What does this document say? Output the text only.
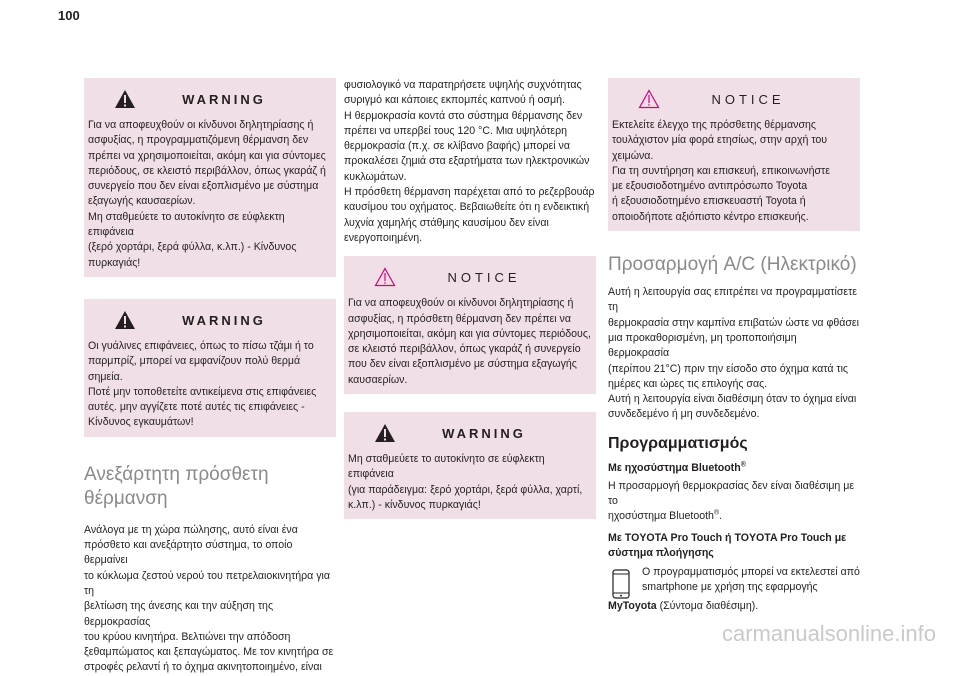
100
WARNING
Για να αποφευχθούν οι κίνδυνοι δηλητηρίασης ή
ασφυξίας, η προγραμματιζόμενη θέρμανση δεν
πρέπει να χρησιμοποιείται, ακόμη και για σύντομες
περιόδους, σε κλειστό περιβάλλον, όπως γκαράζ ή
συνεργείο που δεν είναι εξοπλισμένο με σύστημα
εξαγωγής καυσαερίων.
Μη σταθμεύετε το αυτοκίνητο σε εύφλεκτη επιφάνεια
(ξερό χορτάρι, ξερά φύλλα, κ.λπ.) - Κίνδυνος
πυρκαγιάς!
WARNING
Οι γυάλινες επιφάνειες, όπως το πίσω τζάμι ή το
παρμπρίζ, μπορεί να εμφανίζουν πολύ θερμά
σημεία.
Ποτέ μην τοποθετείτε αντικείμενα στις επιφάνειες
αυτές. μην αγγίζετε ποτέ αυτές τις επιφάνειες -
Κίνδυνος εγκαυμάτων!
Ανεξάρτητη πρόσθετη
θέρμανση
Ανάλογα με τη χώρα πώλησης, αυτό είναι ένα
πρόσθετο και ανεξάρτητο σύστημα, το οποίο θερμαίνει
το κύκλωμα ζεστού νερού του πετρελαιοκινητήρα για τη
βελτίωση της άνεσης και την αύξηση της θερμοκρασίας
του κρύου κινητήρα. Βελτιώνει την απόδοση
ξεθαμπώματος και ξεπαγώματος. Με τον κινητήρα σε
στροφές ρελαντί ή το όχημα ακινητοποιημένο, είναι
φυσιολογικό να παρατηρήσετε υψηλής συχνότητας
συριγμό και κάποιες εκπομπές καπνού ή οσμή.
Η θερμοκρασία κοντά στο σύστημα θέρμανσης δεν
πρέπει να υπερβεί τους 120 °C. Μια υψηλότερη
θερμοκρασία (π.χ. σε κλίβανο βαφής) μπορεί να
προκαλέσει ζημιά στα εξαρτήματα των ηλεκτρονικών
κυκλωμάτων.
Η πρόσθετη θέρμανση παρέχεται από το ρεζερβουάρ
καυσίμου του οχήματος. Βεβαιωθείτε ότι η ενδεικτική
λυχνία χαμηλής στάθμης καυσίμου δεν είναι
ενεργοποιημένη.
NOTICE
Για να αποφευχθούν οι κίνδυνοι δηλητηρίασης ή
ασφυξίας, η πρόσθετη θέρμανση δεν πρέπει να
χρησιμοποιείται, ακόμη και για σύντομες περιόδους,
σε κλειστό περιβάλλον, όπως γκαράζ ή συνεργείο
που δεν είναι εξοπλισμένο με σύστημα εξαγωγής
καυσαερίων.
WARNING
Μη σταθμεύετε το αυτοκίνητο σε εύφλεκτη επιφάνεια
(για παράδειγμα: ξερό χορτάρι, ξερά φύλλα, χαρτί,
κ.λπ.) - κίνδυνος πυρκαγιάς!
NOTICE
Εκτελείτε έλεγχο της πρόσθετης θέρμανσης
τουλάχιστον μία φορά ετησίως, στην αρχή του
χειμώνα.
Για τη συντήρηση και επισκευή, επικοινωνήστε
με εξουσιοδοτημένο αντιπρόσωπο Toyota
ή εξουσιοδοτημένο επισκευαστή Toyota ή
οποιοδήποτε αξιόπιστο κέντρο επισκευής.
Προσαρμογή A/C (Ηλεκτρικό)
Αυτή η λειτουργία σας επιτρέπει να προγραμματίσετε τη
θερμοκρασία στην καμπίνα επιβατών ώστε να φθάσει
μια προκαθορισμένη, μη τροποποιήσιμη θερμοκρασία
(περίπου 21°C) πριν την είσοδο στο όχημα κατά τις
ημέρες και ώρες τις επιλογής σας.
Αυτή η λειτουργία είναι διαθέσιμη όταν το όχημα είναι
συνδεδεμένο ή μη συνδεδεμένο.
Προγραμματισμός
Με ηχοσύστημα Bluetooth®
Η προσαρμογή θερμοκρασίας δεν είναι διαθέσιμη με το
ηχοσύστημα Bluetooth®.
Με TOYOTA Pro Touch ή TOYOTA Pro Touch με
σύστημα πλοήγησης
Ο προγραμματισμός μπορεί να εκτελεστεί από
smartphone με χρήση της εφαρμογής
MyToyota (Σύντομα διαθέσιμη).
carmanualsonline.info
